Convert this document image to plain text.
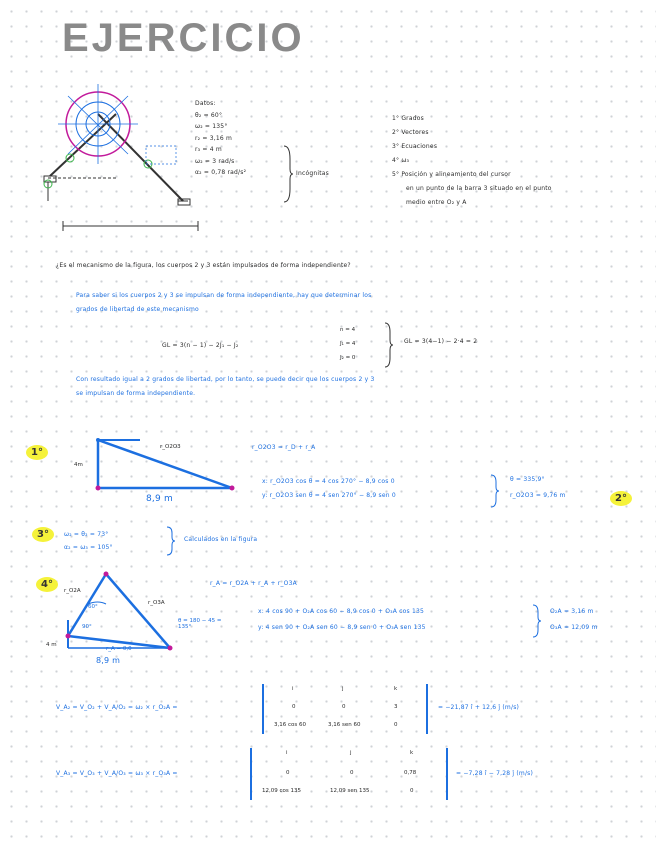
EJERCICIO
Datos:
θ₂ = 60°
ω₂ = 135°
r₂ = 3,16 m
r₃ = 4 m
ω₂ = 3 rad/s
α₂ = 0,78 rad/s²	Incógnitas
1° Grados
2° Vectores
3° Ecuaciones
4° ω₃
5° Posición y alineamiento del cursor
en un punto de la barra 3 situado en el punto
medio entre O₂ y A
¿Es el mecanismo de la figura, los cuerpos 2 y 3 están impulsados de forma independiente?
Para saber si los cuerpos 2 y 3 se impulsan de forma independiente, hay que determinar los
grados de libertad de este mecanismo
GL = 3(n − 1) − 2J₁ − J₂
n = 4
J₁ = 4
J₂ = 0
GL = 3(4−1) − 2·4 = 2
Con resultado igual a 2 grados de libertad, por lo tanto, se puede decir que los cuerpos 2 y 3
se impulsan de forma independiente.
1°
4m
8,9 m
r_O2O3	r_O2O3 = r_D + r_A
x: r_O2O3 cos θ = 4 cos 270° − 8,9 cos 0
y: r_O2O3 sen θ = 4 sen 270° − 8,9 sen 0
θ = 335,9°
r_O2O3 = 9,76 m	2°
3°	ω₂ = θ₂ = 73°
α₂ = ω₃ = 105°
Calculados en la figura
4°
r_O2A
r_O3A
60°
90°
θ = 180 − 45 = 135°
4 m
r_A = 0,0
8,9 m
r_A = r_O2A + r_A + r_O3A
x: 4 cos 90 + O₂A cos 60 − 8,9 cos 0 + O₃A cos 135
y: 4 sen 90 + O₂A sen 60 − 8,9 sen 0 + O₃A sen 135
O₂A = 3,16 m
O₃A = 12,09 m
V_A₂ = V_O₂ + V_A/O₂ = ω₂ × r_O₂A =
i	j	k
0	0	3
3,16 cos 60	3,16 sen 60	0
= −21,87 î + 12,6 ĵ (m/s)
V_A₃ = V_O₃ + V_A/O₃ = ω₃ × r_O₃A =
i	j	k
0	0	0,78
12,09 cos 135	12,09 sen 135	0
= −7,28 î − 7,28 ĵ (m/s)
